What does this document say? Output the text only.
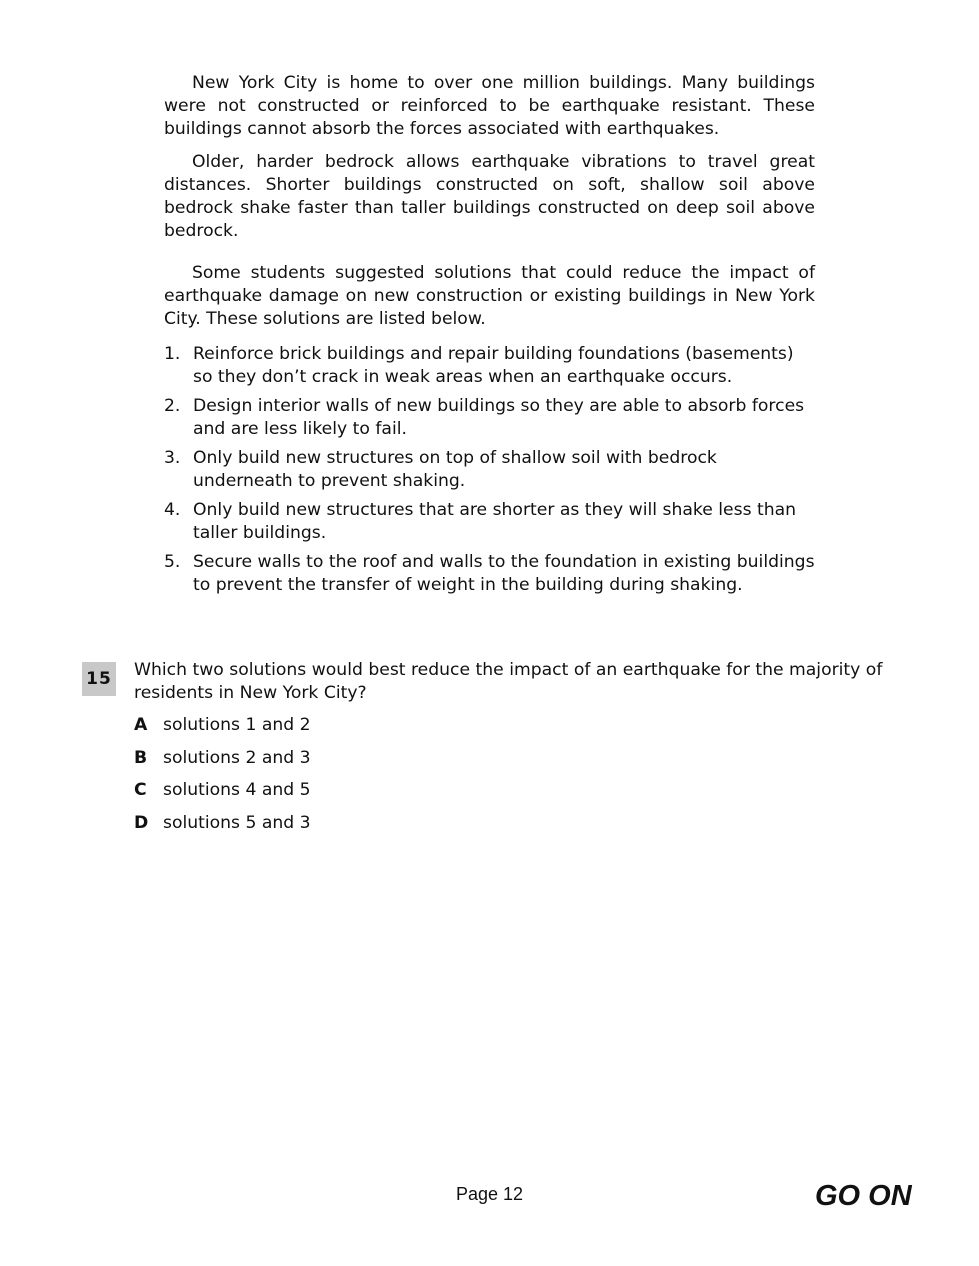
New York City is home to over one million buildings. Many buildings were not constructed or reinforced to be earthquake resistant. These buildings cannot absorb the forces associated with earthquakes.

Older, harder bedrock allows earthquake vibrations to travel great distances. Shorter buildings constructed on soft, shallow soil above bedrock shake faster than taller buildings constructed on deep soil above bedrock.

Some students suggested solutions that could reduce the impact of earthquake damage on new construction or existing buildings in New York City. These solutions are listed below.

1. Reinforce brick buildings and repair building foundations (basements) so they don’t crack in weak areas when an earthquake occurs.
2. Design interior walls of new buildings so they are able to absorb forces and are less likely to fail.
3. Only build new structures on top of shallow soil with bedrock underneath to prevent shaking.
4. Only build new structures that are shorter as they will shake less than taller buildings.
5. Secure walls to the roof and walls to the foundation in existing buildings to prevent the transfer of weight in the building during shaking.
15 Which two solutions would best reduce the impact of an earthquake for the majority of residents in New York City?
A solutions 1 and 2
B solutions 2 and 3
C solutions 4 and 5
D solutions 5 and 3
Page 12	GO ON
